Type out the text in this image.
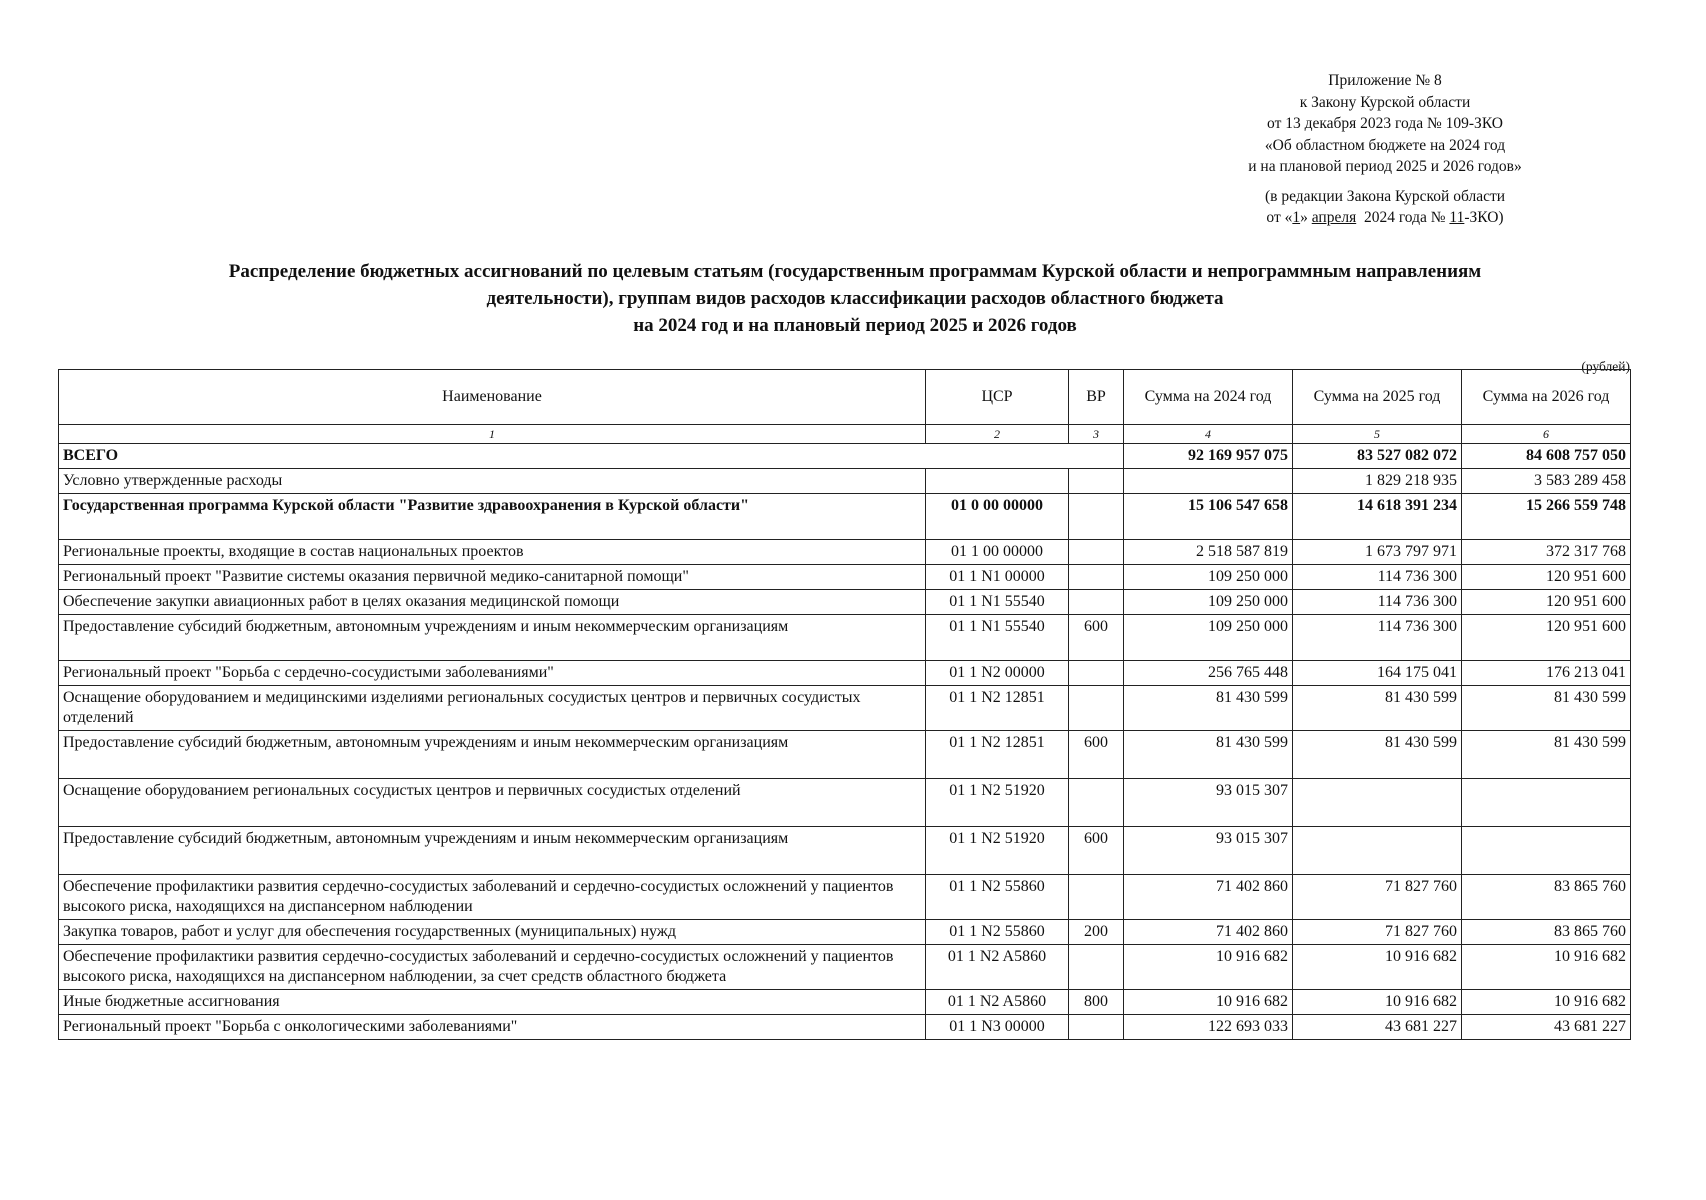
Приложение № 8
к Закону Курской области
от 13 декабря 2023 года № 109-ЗКО
«Об областном бюджете на 2024 год
и на плановой период 2025 и 2026 годов»
(в редакции Закона Курской области
от «1» апреля  2024 года № 11-ЗКО)
Распределение бюджетных ассигнований по целевым статьям (государственным программам Курской области и непрограммным направлениям
деятельности), группам видов расходов классификации расходов областного бюджета
на 2024 год и на плановый период 2025 и 2026 годов
(рублей)
Наименование	ЦСР	ВР	Сумма на 2024 год	Сумма на 2025 год	Сумма на 2026 год
1	2	3	4	5	6
ВСЕГО			92 169 957 075	83 527 082 072	84 608 757 050
Условно утвержденные расходы				1 829 218 935	3 583 289 458
Государственная программа Курской области "Развитие здравоохранения в Курской области"	01 0 00 00000		15 106 547 658	14 618 391 234	15 266 559 748
Региональные проекты, входящие в состав национальных проектов	01 1 00 00000		2 518 587 819	1 673 797 971	372 317 768
Региональный проект "Развитие системы оказания первичной медико-санитарной помощи"	01 1 N1 00000		109 250 000	114 736 300	120 951 600
Обеспечение закупки авиационных работ в целях оказания медицинской помощи	01 1 N1 55540		109 250 000	114 736 300	120 951 600
Предоставление субсидий бюджетным, автономным учреждениям и иным некоммерческим организациям	01 1 N1 55540	600	109 250 000	114 736 300	120 951 600
Региональный проект "Борьба с сердечно-сосудистыми заболеваниями"	01 1 N2 00000		256 765 448	164 175 041	176 213 041
Оснащение оборудованием и медицинскими изделиями региональных сосудистых центров и первичных сосудистых отделений	01 1 N2 12851		81 430 599	81 430 599	81 430 599
Предоставление субсидий бюджетным, автономным учреждениям и иным некоммерческим организациям	01 1 N2 12851	600	81 430 599	81 430 599	81 430 599
Оснащение оборудованием региональных сосудистых центров и первичных сосудистых отделений	01 1 N2 51920		93 015 307		
Предоставление субсидий бюджетным, автономным учреждениям и иным некоммерческим организациям	01 1 N2 51920	600	93 015 307		
Обеспечение профилактики развития сердечно-сосудистых заболеваний и сердечно-сосудистых осложнений у пациентов высокого риска, находящихся на диспансерном наблюдении	01 1 N2 55860		71 402 860	71 827 760	83 865 760
Закупка товаров, работ и услуг для обеспечения государственных (муниципальных) нужд	01 1 N2 55860	200	71 402 860	71 827 760	83 865 760
Обеспечение профилактики развития сердечно-сосудистых заболеваний и сердечно-сосудистых осложнений у пациентов высокого риска, находящихся на диспансерном наблюдении, за счет средств областного бюджета	01 1 N2 A5860		10 916 682	10 916 682	10 916 682
Иные бюджетные ассигнования	01 1 N2 A5860	800	10 916 682	10 916 682	10 916 682
Региональный проект "Борьба с онкологическими заболеваниями"	01 1 N3 00000		122 693 033	43 681 227	43 681 227
